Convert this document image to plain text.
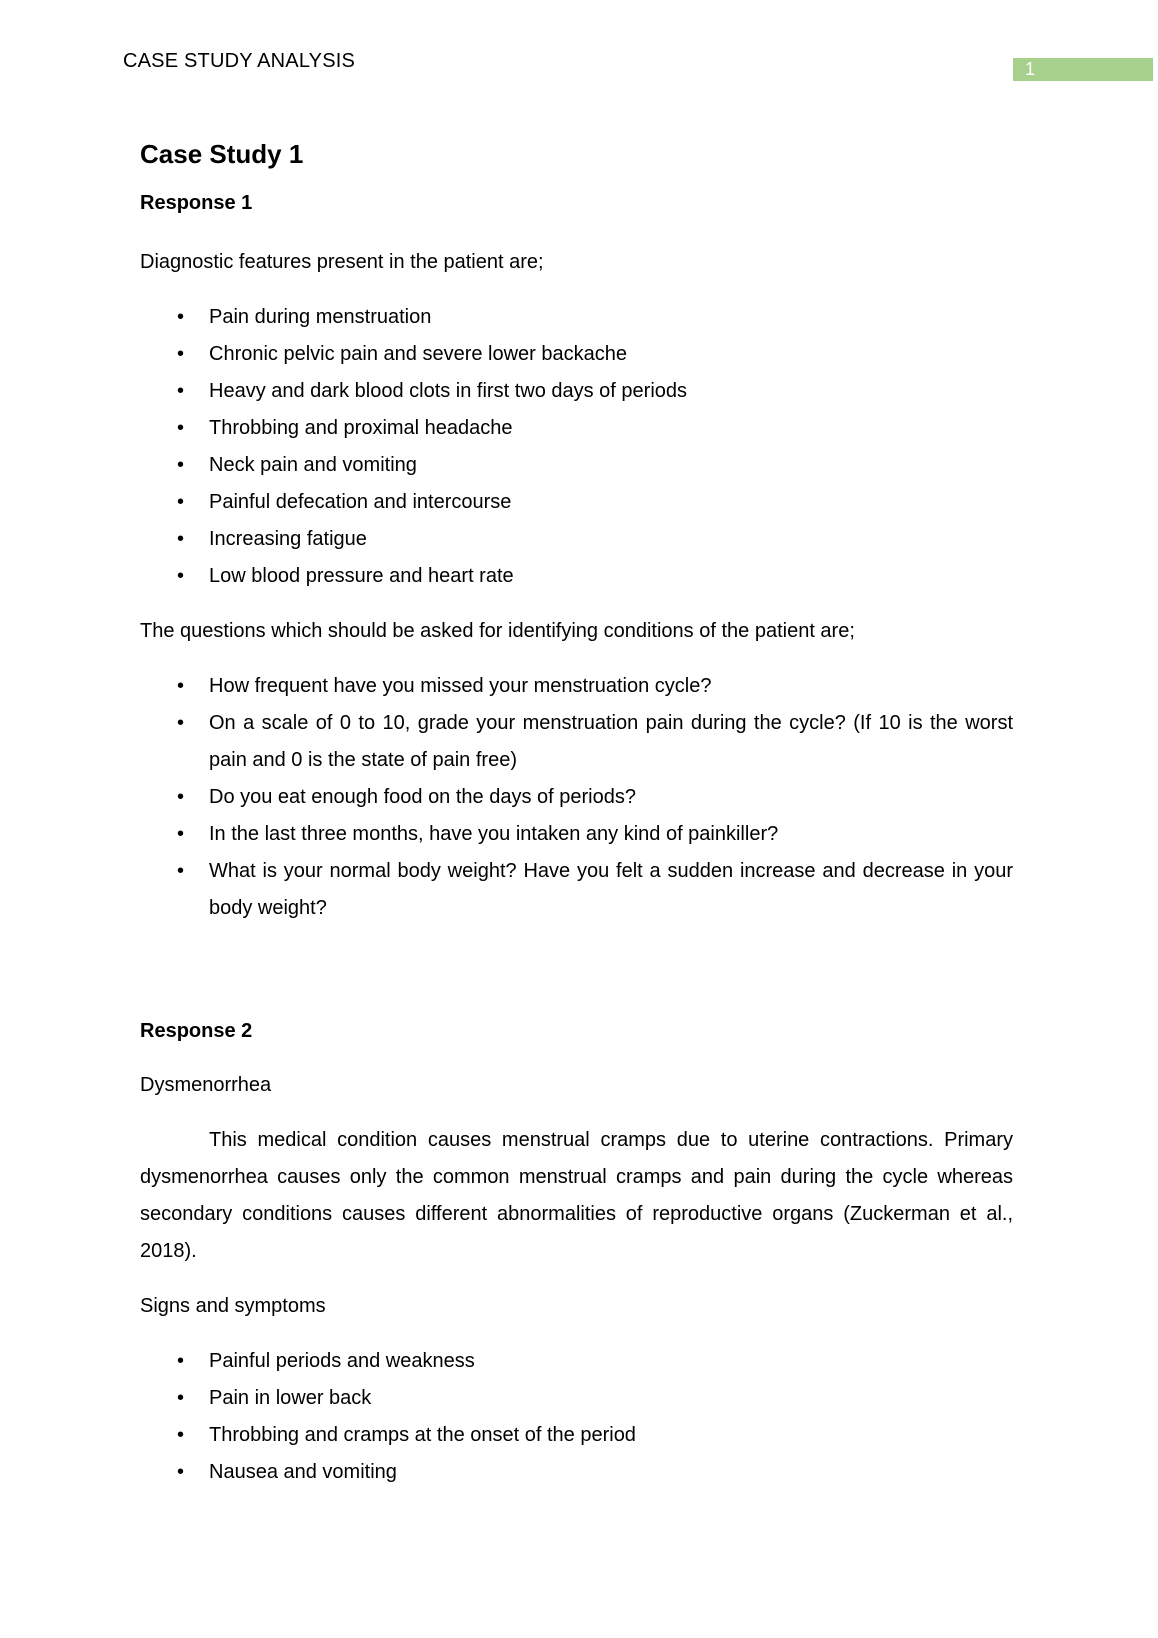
CASE STUDY ANALYSIS	1
Case Study 1
Response 1

Diagnostic features present in the patient are;

• Pain during menstruation
• Chronic pelvic pain and severe lower backache
• Heavy and dark blood clots in first two days of periods
• Throbbing and proximal headache
• Neck pain and vomiting
• Painful defecation and intercourse
• Increasing fatigue
• Low blood pressure and heart rate

The questions which should be asked for identifying conditions of the patient are;

• How frequent have you missed your menstruation cycle?
• On a scale of 0 to 10, grade your menstruation pain during the cycle? (If 10 is the worst pain and 0 is the state of pain free)
• Do you eat enough food on the days of periods?
• In the last three months, have you intaken any kind of painkiller?
• What is your normal body weight? Have you felt a sudden increase and decrease in your body weight?
Response 2

Dysmenorrhea

This medical condition causes menstrual cramps due to uterine contractions. Primary dysmenorrhea causes only the common menstrual cramps and pain during the cycle whereas secondary conditions causes different abnormalities of reproductive organs (Zuckerman et al., 2018).

Signs and symptoms

• Painful periods and weakness
• Pain in lower back
• Throbbing and cramps at the onset of the period
• Nausea and vomiting
